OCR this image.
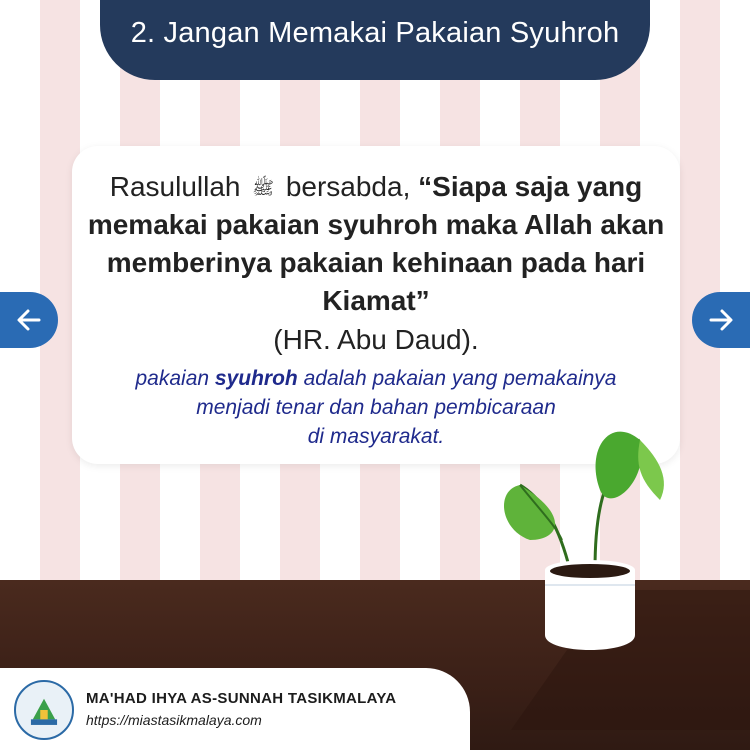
2. Jangan Memakai Pakaian Syuhroh
Rasulullah ﷺ bersabda, “Siapa saja yang
memakai pakaian syuhroh maka Allah akan
memberinya pakaian kehinaan pada hari
Kiamat”
(HR. Abu Daud).
pakaian syuhroh adalah pakaian yang pemakainya
menjadi tenar dan bahan pembicaraan
di masyarakat.
MA'HAD IHYA AS-SUNNAH TASIKMALAYA
https://miastasikmalaya.com
